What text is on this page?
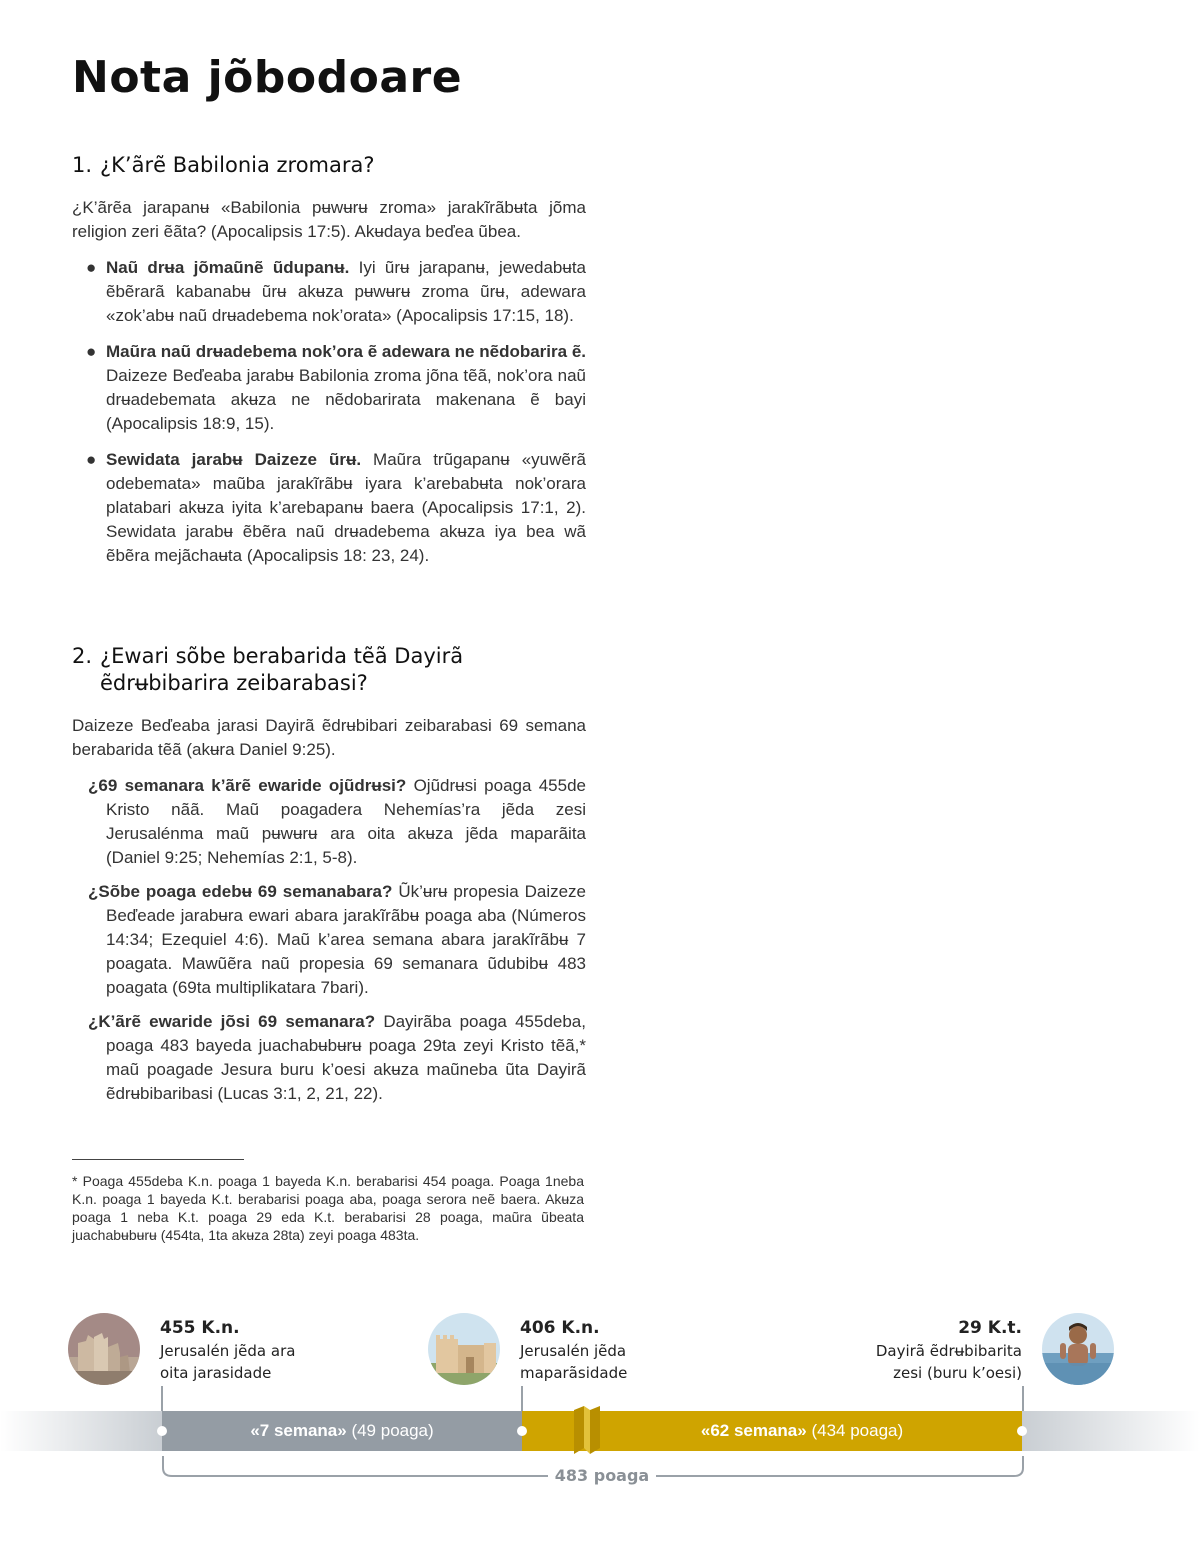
Nota jõbodoare
1. ¿K’ãrẽ Babilonia zromara?

¿K’ãrẽa jarapanʉ «Babilonia pʉwʉrʉ zroma» jarakĩrãbʉta jõma religion zeri ẽãta? (Apocalipsis 17:5). Akʉdaya beďea ũbea.

● Naũ drʉa jõmaũnẽ ũdupanʉ. Iyi ũrʉ jarapanʉ, jewedabʉta ẽbẽrarã kabanabʉ ũrʉ akʉza pʉwʉrʉ zroma ũrʉ, adewara «zok’abʉ naũ drʉadebema nok’orata» (Apocalipsis 17:15, 18).
● Maũra naũ drʉadebema nok’ora ẽ adewara ne nẽdobarira ẽ. Daizeze Beďeaba jarabʉ Babilonia zroma jõna tẽã, nok’ora naũ drʉadebemata akʉza ne nẽdobarirata makenana ẽ bayi (Apocalipsis 18:9, 15).
● Sewidata jarabʉ Daizeze ũrʉ. Maũra trũgapanʉ «yuwẽrã odebemata» maũba jarakĩrãbʉ iyara k’arebabʉta nok’orara platabari akʉza iyita k’arebapanʉ baera (Apocalipsis 17:1, 2). Sewidata jarabʉ ẽbẽra naũ drʉadebema akʉza iya bea wã ẽbẽra mejãchaʉta (Apocalipsis 18: 23, 24).
2. ¿Ewari sõbe berabarida tẽã Dayirã
ẽdrʉbibarira zeibarabasi?

Daizeze Beďeaba jarasi Dayirã ẽdrʉbibari zeibarabasi 69 semana berabarida tẽã (akʉra Daniel 9:25).

¿69 semanara k’ãrẽ ewaride ojũdrʉsi? Ojũdrʉsi poaga 455de Kristo nãã. Maũ poagadera Nehemías’ra jẽda zesi Jerusalénma maũ pʉwʉrʉ ara oita akʉza jẽda maparãita (Daniel 9:25; Nehemías 2:1, 5-8).

¿Sõbe poaga edebʉ 69 semanabara? Ũk’ʉrʉ propesia Daizeze Beďeade jarabʉra ewari abara jarakĩrãbʉ poaga aba (Números 14:34; Ezequiel 4:6). Maũ k’area semana abara jarakĩrãbʉ 7 poagata. Mawũẽra naũ propesia 69 semanara ũdubibʉ 483 poagata (69ta multiplikatara 7bari).

¿K’ãrẽ ewaride jõsi 69 semanara? Dayirãba poaga 455deba, poaga 483 bayeda juachabʉbʉrʉ poaga 29ta zeyi Kristo tẽã,* maũ poagade Jesura buru k’oesi akʉza maũneba ũta Dayirã ẽdrʉbibaribasi (Lucas 3:1, 2, 21, 22).

* Poaga 455deba K.n. poaga 1 bayeda K.n. berabarisi 454 poaga. Poaga 1neba K.n. poaga 1 bayeda K.t. berabarisi poaga aba, poaga serora neẽ baera. Akʉza poaga 1 neba K.t. poaga 29 eda K.t. berabarisi 28 poaga, maũra ũbeata juachabʉbʉrʉ (454ta, 1ta akʉza 28ta) zeyi poaga 483ta.

455 K.n.
Jerusalén jẽda ara
oita jarasidade
406 K.n.
Jerusalén jẽda
maparãsidade
29 K.t.
Dayirã ẽdrʉbibarita
zesi (buru k’oesi)
«7 semana» (49 poaga)	«62 semana» (434 poaga)
483 poaga
